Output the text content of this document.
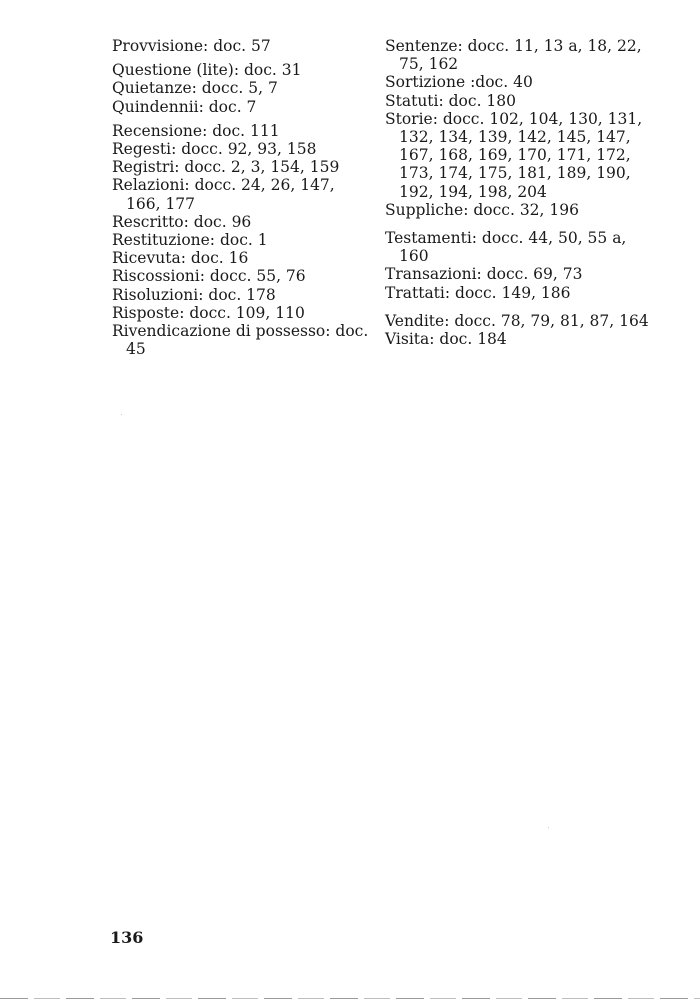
Provvisione: doc. 57

Questione (lite): doc. 31

Quietanze: docc. 5, 7

Quindennii: doc. 7

Recensione: doc. 111

Regesti: docc. 92, 93, 158

Registri: docc. 2, 3, 154, 159

Relazioni: docc. 24, 26, 147, 166, 177

Rescritto: doc. 96

Restituzione: doc. 1

Ricevuta: doc. 16

Riscossioni: docc. 55, 76

Risoluzioni: doc. 178

Risposte: docc. 109, 110

Rivendicazione di possesso: doc. 45

Sentenze: docc. 11, 13 a, 18, 22, 75, 162

Sortizione :doc. 40

Statuti: doc. 180

Storie: docc. 102, 104, 130, 131, 132, 134, 139, 142, 145, 147, 167, 168, 169, 170, 171, 172, 173, 174, 175, 181, 189, 190, 192, 194, 198, 204

Suppliche: docc. 32, 196

Testamenti: docc. 44, 50, 55 a, 160

Transazioni: docc. 69, 73

Trattati: docc. 149, 186

Vendite: docc. 78, 79, 81, 87, 164

Visita: doc. 184

136
